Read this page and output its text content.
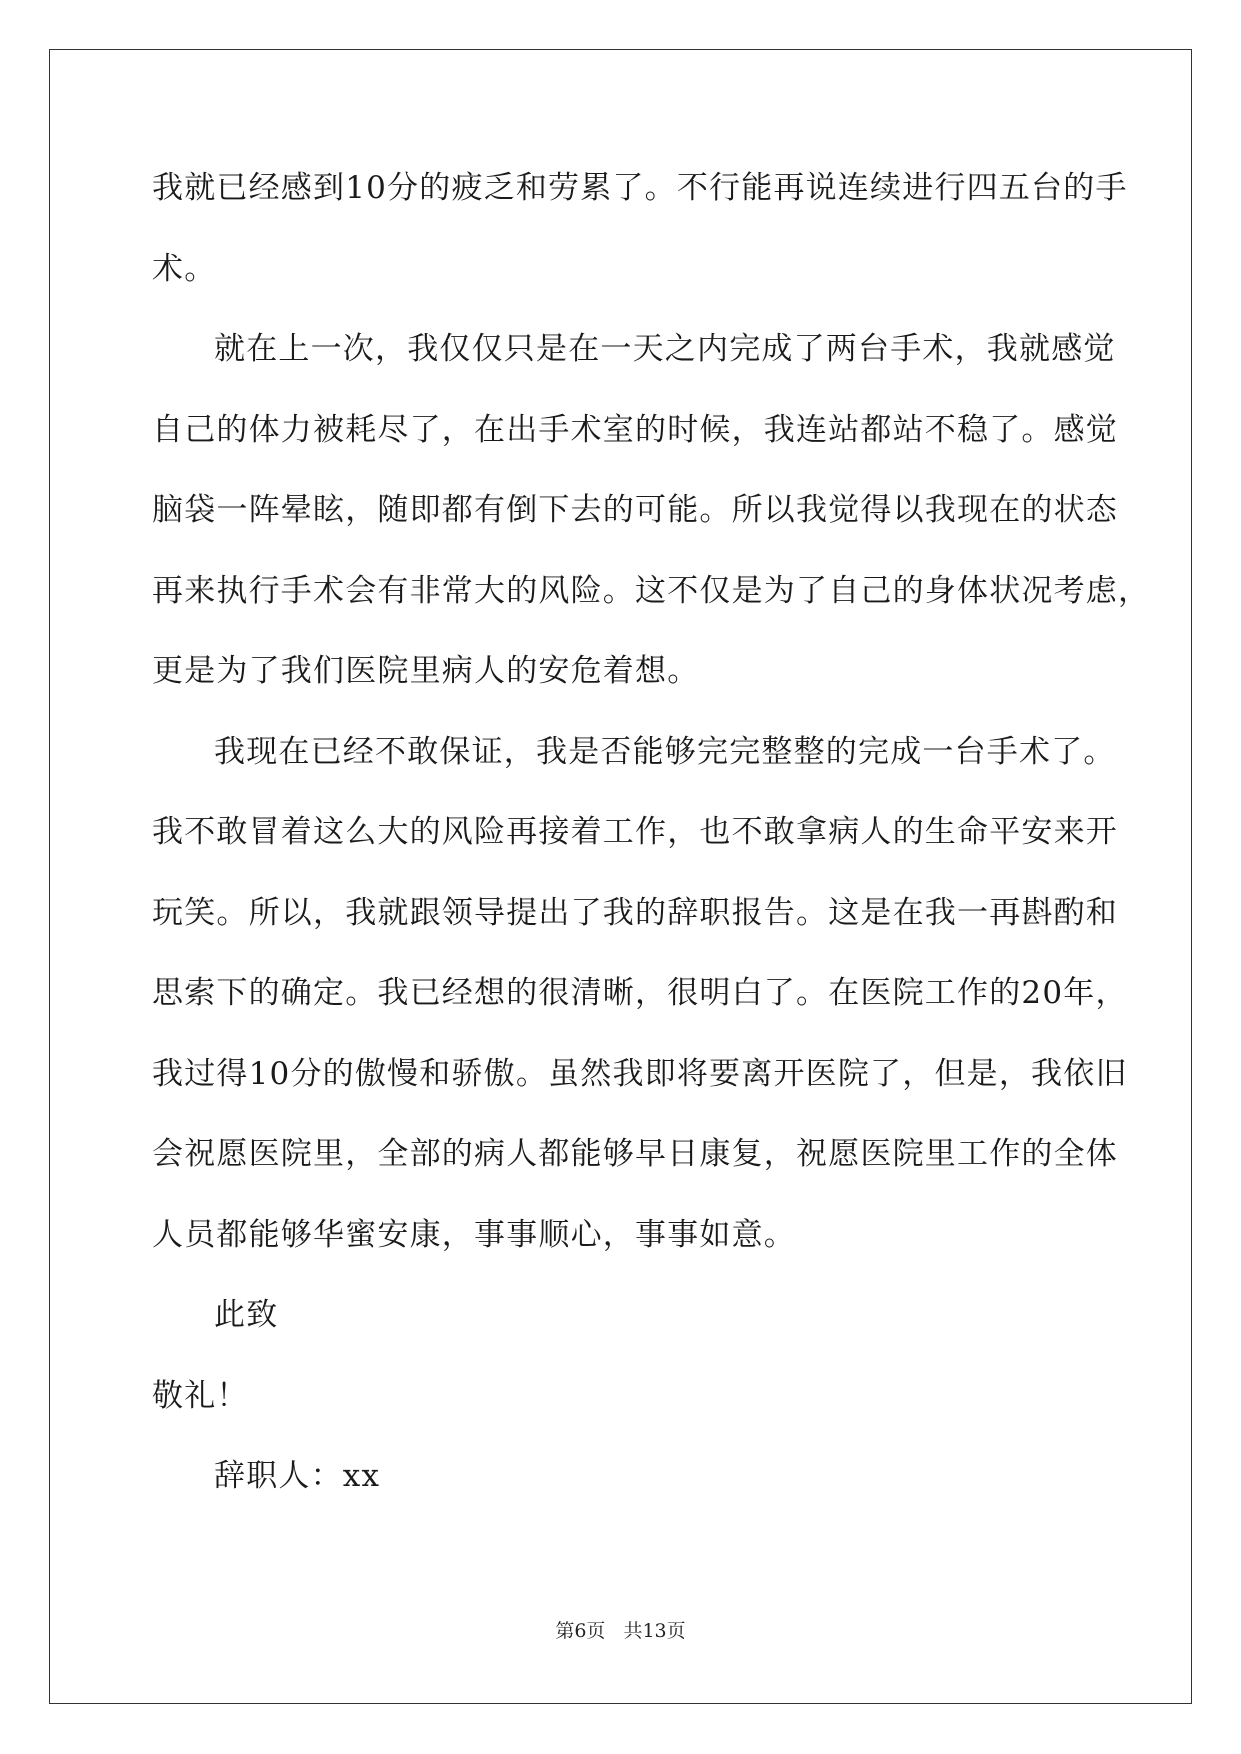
我就已经感到10分的疲乏和劳累了。不行能再说连续进行四五台的手
术。
就在上一次，我仅仅只是在一天之内完成了两台手术，我就感觉
自己的体力被耗尽了，在出手术室的时候，我连站都站不稳了。感觉
脑袋一阵晕眩，随即都有倒下去的可能。所以我觉得以我现在的状态
再来执行手术会有非常大的风险。这不仅是为了自己的身体状况考虑，
更是为了我们医院里病人的安危着想。
我现在已经不敢保证，我是否能够完完整整的完成一台手术了。
我不敢冒着这么大的风险再接着工作，也不敢拿病人的生命平安来开
玩笑。所以，我就跟领导提出了我的辞职报告。这是在我一再斟酌和
思索下的确定。我已经想的很清晰，很明白了。在医院工作的20年，
我过得10分的傲慢和骄傲。虽然我即将要离开医院了，但是，我依旧
会祝愿医院里，全部的病人都能够早日康复，祝愿医院里工作的全体
人员都能够华蜜安康，事事顺心，事事如意。
此致
敬礼！
辞职人：xx
第6页 共13页
